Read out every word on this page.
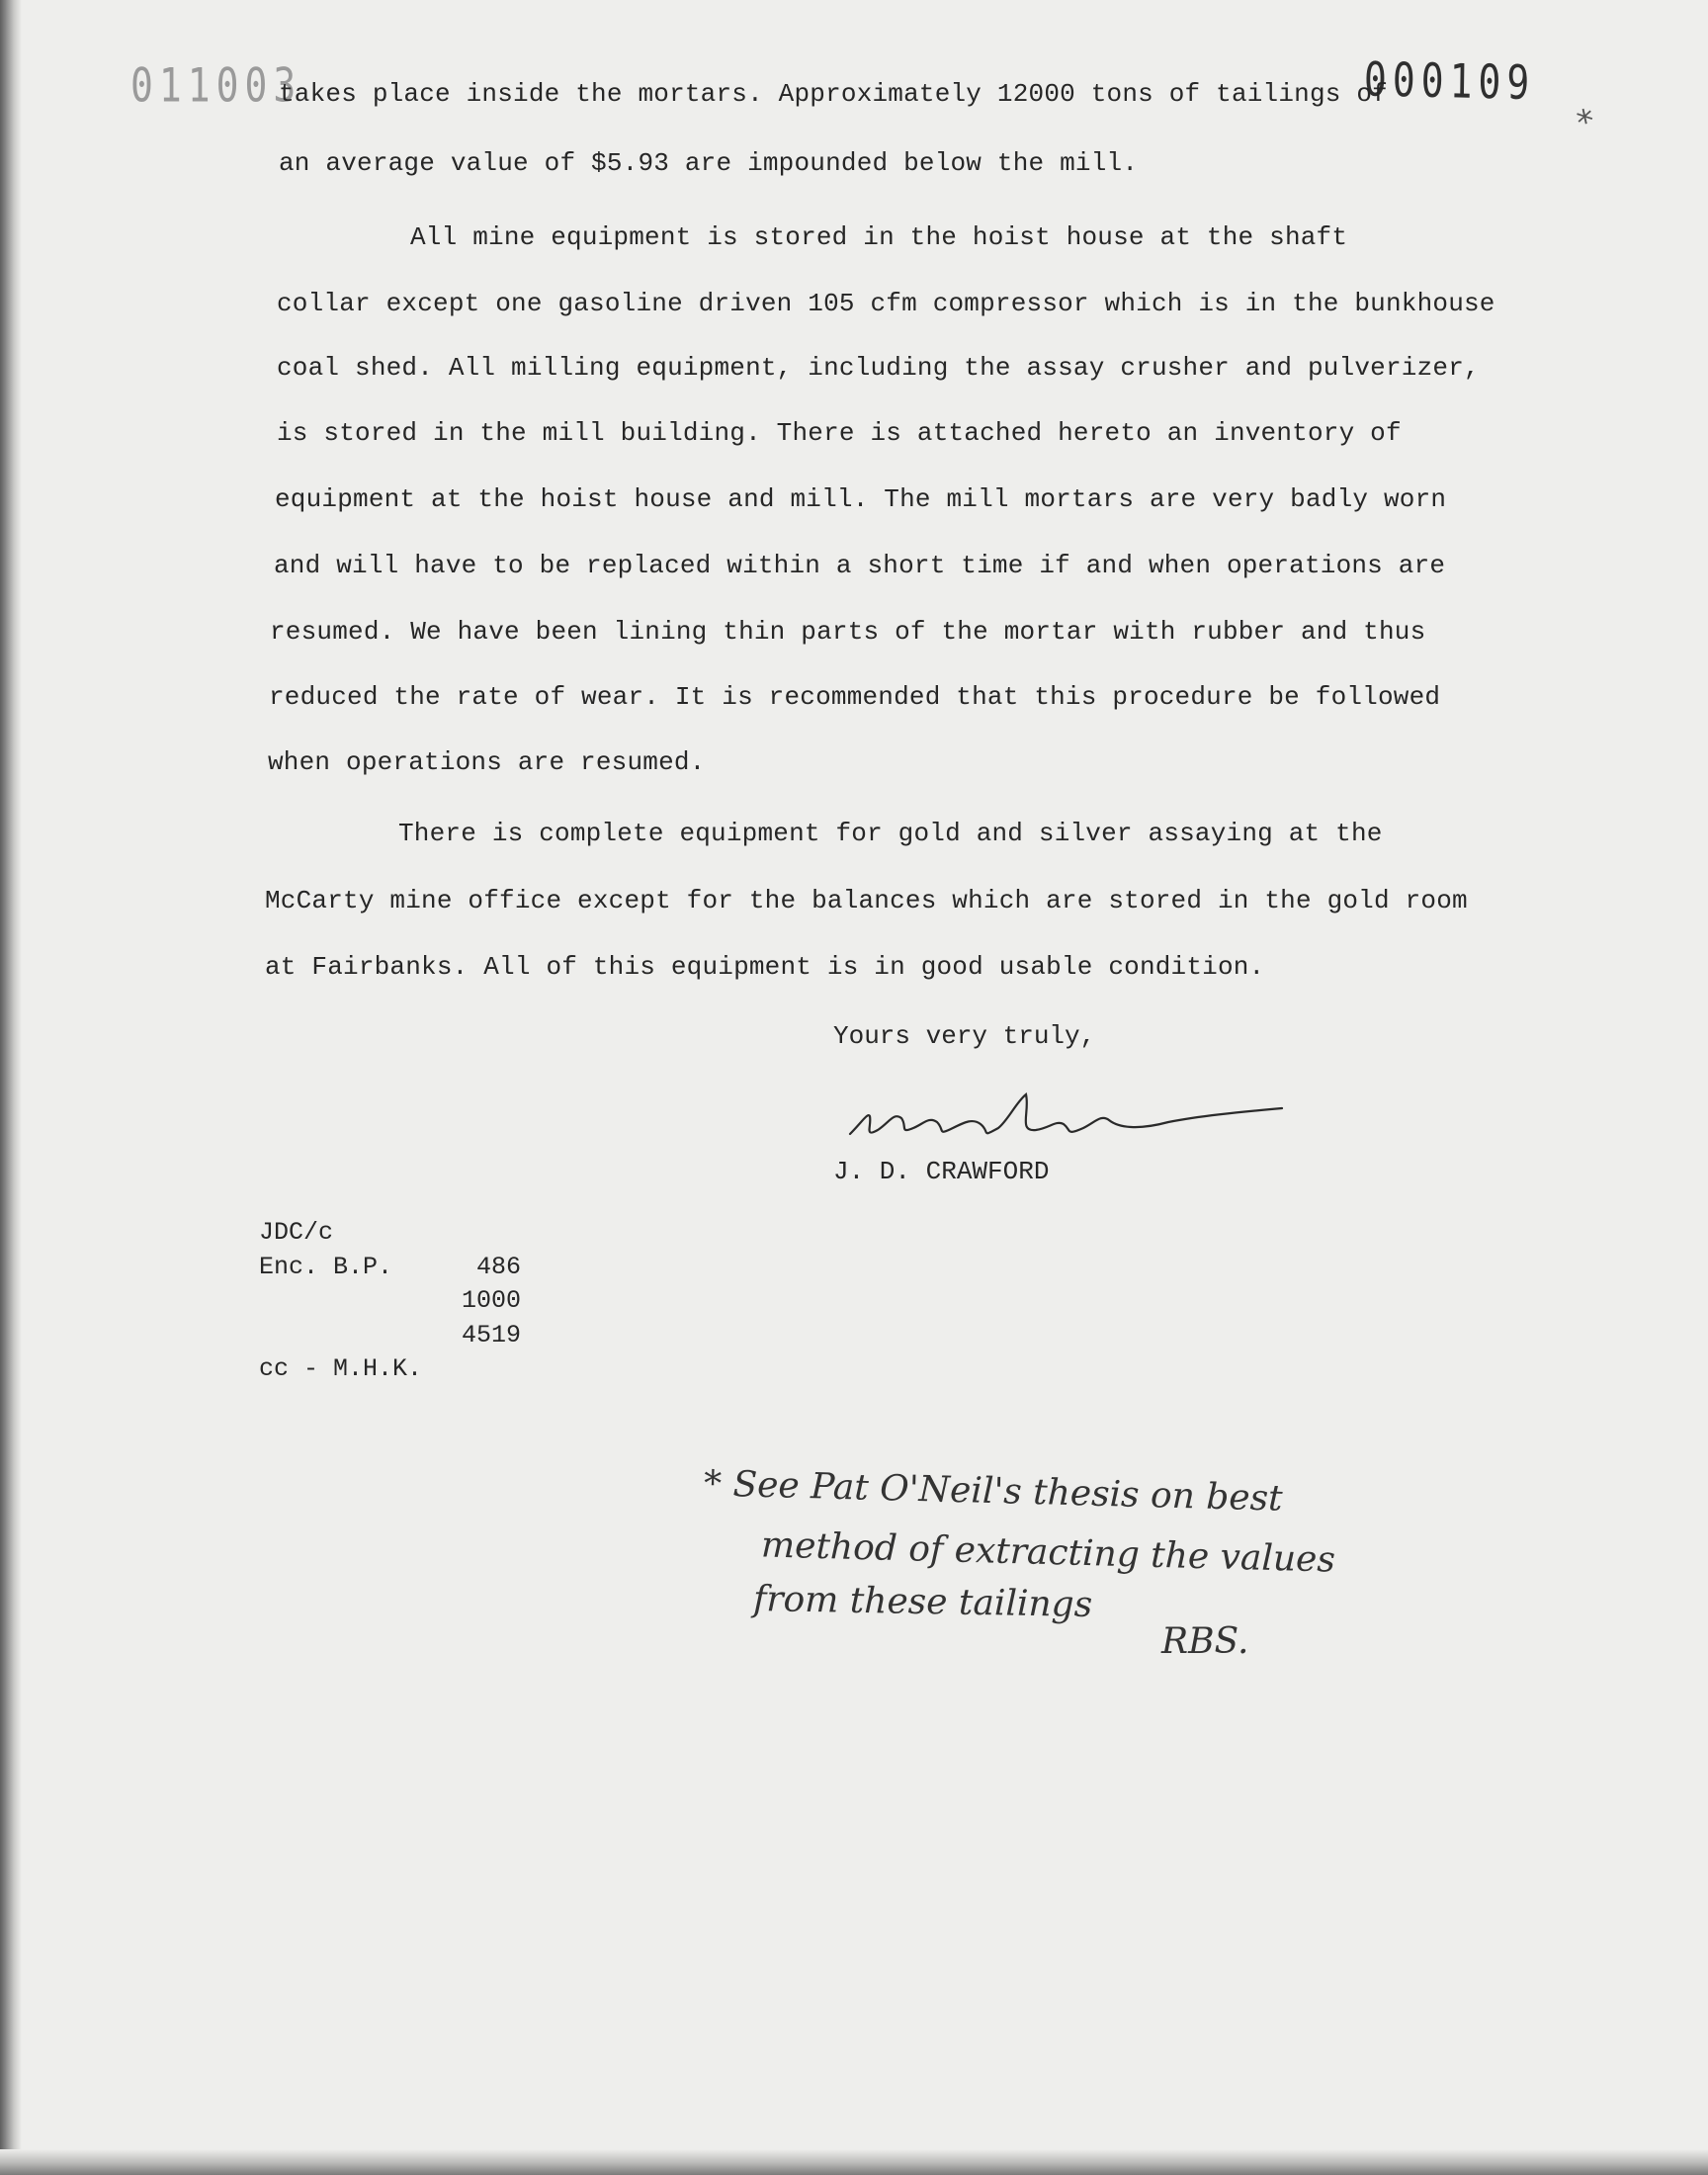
011003	000109
*
takes place inside the mortars. Approximately 12000 tons of tailings of
an average value of $5.93 are impounded below the mill.
All mine equipment is stored in the hoist house at the shaft
collar except one gasoline driven 105 cfm compressor which is in the bunkhouse
coal shed. All milling equipment, including the assay crusher and pulverizer,
is stored in the mill building. There is attached hereto an inventory of
equipment at the hoist house and mill. The mill mortars are very badly worn
and will have to be replaced within a short time if and when operations are
resumed. We have been lining thin parts of the mortar with rubber and thus
reduced the rate of wear. It is recommended that this procedure be followed
when operations are resumed.
There is complete equipment for gold and silver assaying at the
McCarty mine office except for the balances which are stored in the gold room
at Fairbanks. All of this equipment is in good usable condition.
Yours very truly,
J. D. CRAWFORD
JDC/c
Enc. B.P.	486
1000
4519
cc - M.H.K.
* See Pat O'Neil's thesis on best
method of extracting the values
from these tailings
RBS.
